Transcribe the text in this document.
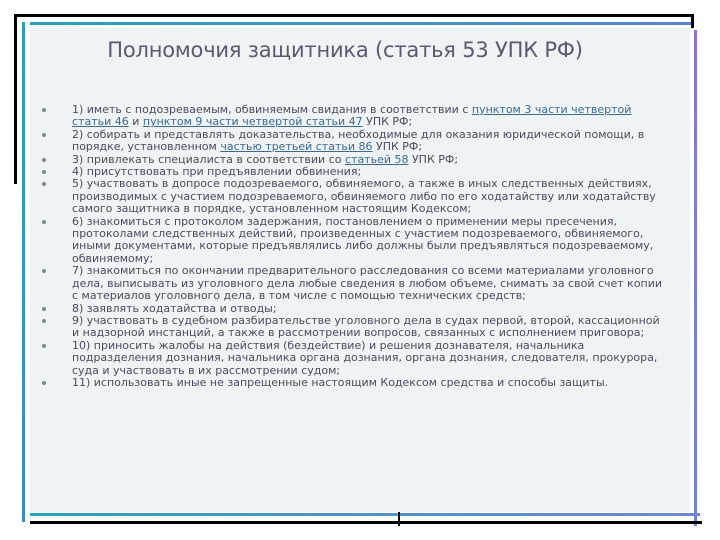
Полномочия защитника (статья 53 УПК РФ)
1) иметь с подозреваемым, обвиняемым свидания в соответствии с пунктом 3 части четвертой статьи 46 и пунктом 9 части четвертой статьи 47 УПК РФ;
2) собирать и представлять доказательства, необходимые для оказания юридической помощи, в порядке, установленном частью третьей статьи 86 УПК РФ;
3) привлекать специалиста в соответствии со статьей 58 УПК РФ;
4) присутствовать при предъявлении обвинения;
5) участвовать в допросе подозреваемого, обвиняемого, а также в иных следственных действиях, производимых с участием подозреваемого, обвиняемого либо по его ходатайству или ходатайству самого защитника в порядке, установленном настоящим Кодексом;
6) знакомиться с протоколом задержания, постановлением о применении меры пресечения, протоколами следственных действий, произведенных с участием подозреваемого, обвиняемого, иными документами, которые предъявлялись либо должны были предъявляться подозреваемому, обвиняемому;
7) знакомиться по окончании предварительного расследования со всеми материалами уголовного дела, выписывать из уголовного дела любые сведения в любом объеме, снимать за свой счет копии с материалов уголовного дела, в том числе с помощью технических средств;
8) заявлять ходатайства и отводы;
9) участвовать в судебном разбирательстве уголовного дела в судах первой, второй, кассационной и надзорной инстанций, а также в рассмотрении вопросов, связанных с исполнением приговора;
10) приносить жалобы на действия (бездействие) и решения дознавателя, начальника подразделения дознания, начальника органа дознания, органа дознания, следователя, прокурора, суда и участвовать в их рассмотрении судом;
11) использовать иные не запрещенные настоящим Кодексом средства и способы защиты.
